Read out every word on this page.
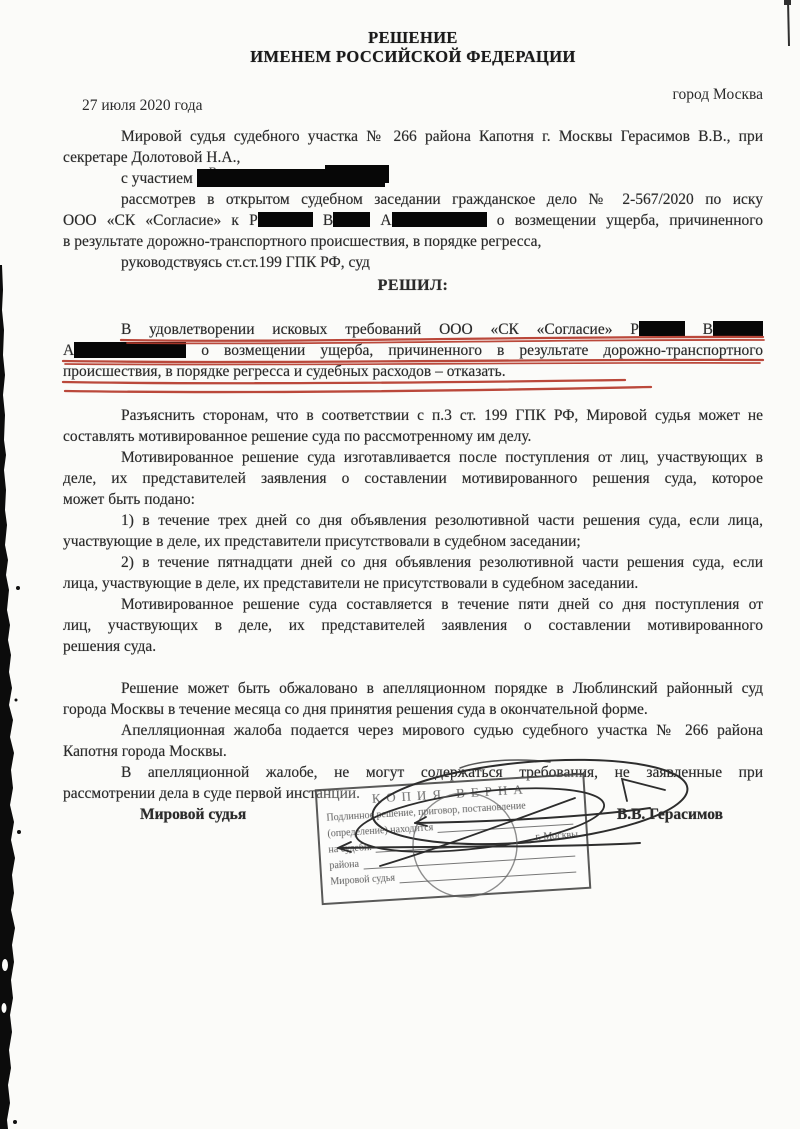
РЕШЕНИЕ
ИМЕНЕМ РОССИЙСКОЙ ФЕДЕРАЦИИ
27 июля 2020 года
город Москва
Мировой судья судебного участка № 266 района Капотня г. Москвы Герасимов В.В., при
секретаре Долотовой Н.А.,
с участием
рассмотрев в открытом судебном заседании гражданское дело № 2-567/2020 по иску
ООО «СК «Согласие» к Р	В А	о возмещении ущерба, причиненного
в результате дорожно-транспортного происшествия, в порядке регресса,
руководствуясь ст.ст.199 ГПК РФ, суд
РЕШИЛ:
В удовлетворении исковых требований ООО «СК «Согласие» Р	В
А	о возмещении ущерба, причиненного в результате дорожно-транспортного
происшествия, в порядке регресса и судебных расходов – отказать.
Разъяснить сторонам, что в соответствии с п.3 ст. 199 ГПК РФ, Мировой судья может не
составлять мотивированное решение суда по рассмотренному им делу.
Мотивированное решение суда изготавливается после поступления от лиц, участвующих в
деле, их представителей заявления о составлении мотивированного решения суда, которое
может быть подано:
1) в течение трех дней со дня объявления резолютивной части решения суда, если лица,
участвующие в деле, их представители присутствовали в судебном заседании;
2) в течение пятнадцати дней со дня объявления резолютивной части решения суда, если
лица, участвующие в деле, их представители не присутствовали в судебном заседании.
Мотивированное решение суда составляется в течение пяти дней со дня поступления от
лиц, участвующих в деле, их представителей заявления о составлении мотивированного
решения суда.
Решение может быть обжаловано в апелляционном порядке в Люблинский районный суд
города Москвы в течение месяца со дня принятия решения суда в окончательной форме.
Апелляционная жалоба подается через мирового судью судебного участка № 266 района
Капотня города Москвы.
В апелляционной жалобе, не могут содержаться требования, не заявленные при
рассмотрении дела в суде первой инстанции.
Мировой судья	В.В. Герасимов
КОПИЯ ВЕРНА
Подлинное решение, приговор, постановление
(определение) находится
на судебн.
г. Москвы
района
Мировой судья
